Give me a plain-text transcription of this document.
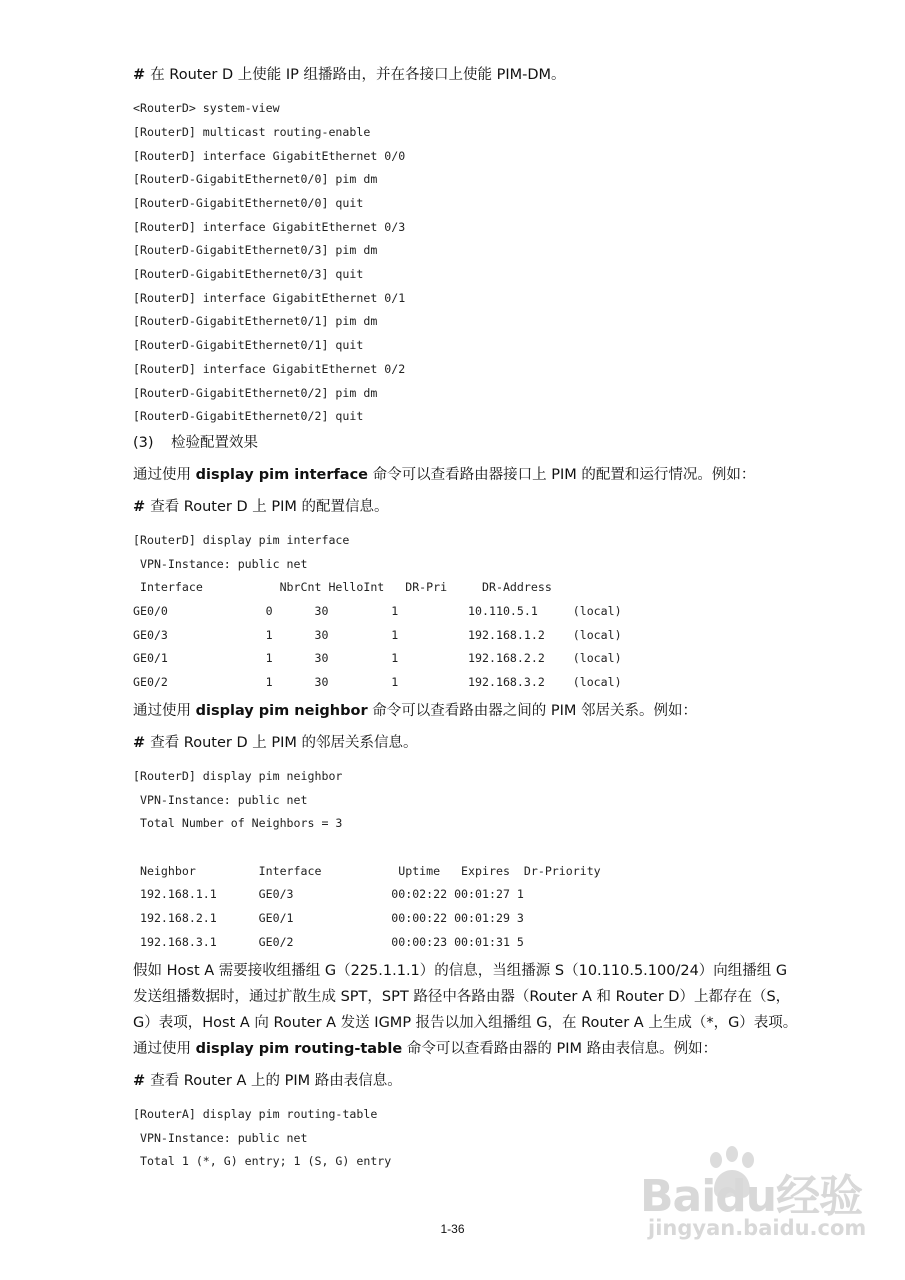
# 在 Router D 上使能 IP 组播路由，并在各接口上使能 PIM-DM。
<RouterD> system-view
[RouterD] multicast routing-enable
[RouterD] interface GigabitEthernet 0/0
[RouterD-GigabitEthernet0/0] pim dm
[RouterD-GigabitEthernet0/0] quit
[RouterD] interface GigabitEthernet 0/3
[RouterD-GigabitEthernet0/3] pim dm
[RouterD-GigabitEthernet0/3] quit
[RouterD] interface GigabitEthernet 0/1
[RouterD-GigabitEthernet0/1] pim dm
[RouterD-GigabitEthernet0/1] quit
[RouterD] interface GigabitEthernet 0/2
[RouterD-GigabitEthernet0/2] pim dm
[RouterD-GigabitEthernet0/2] quit
(3) 检验配置效果
通过使用 display pim interface 命令可以查看路由器接口上 PIM 的配置和运行情况。例如：
# 查看 Router D 上 PIM 的配置信息。
[RouterD] display pim interface
VPN-Instance: public net
Interface           NbrCnt HelloInt   DR-Pri     DR-Address
GE0/0              0      30         1          10.110.5.1     (local)
GE0/3              1      30         1          192.168.1.2    (local)
GE0/1              1      30         1          192.168.2.2    (local)
GE0/2              1      30         1          192.168.3.2    (local)
通过使用 display pim neighbor 命令可以查看路由器之间的 PIM 邻居关系。例如：
# 查看 Router D 上 PIM 的邻居关系信息。
[RouterD] display pim neighbor
VPN-Instance: public net
Total Number of Neighbors = 3
Neighbor         Interface           Uptime   Expires  Dr-Priority
192.168.1.1      GE0/3              00:02:22 00:01:27 1
192.168.2.1      GE0/1              00:00:22 00:01:29 3
192.168.3.1      GE0/2              00:00:23 00:01:31 5
假如 Host A 需要接收组播组 G（225.1.1.1）的信息，当组播源 S（10.110.5.100/24）向组播组 G
发送组播数据时，通过扩散生成 SPT，SPT 路径中各路由器（Router A 和 Router D）上都存在（S，
G）表项，Host A 向 Router A 发送 IGMP 报告以加入组播组 G，在 Router A 上生成（*，G）表项。
通过使用 display pim routing-table 命令可以查看路由器的 PIM 路由表信息。例如：
# 查看 Router A 上的 PIM 路由表信息。
[RouterA] display pim routing-table
VPN-Instance: public net
Total 1 (*, G) entry; 1 (S, G) entry
1-36
Baidu经验
jingyan.baidu.com
